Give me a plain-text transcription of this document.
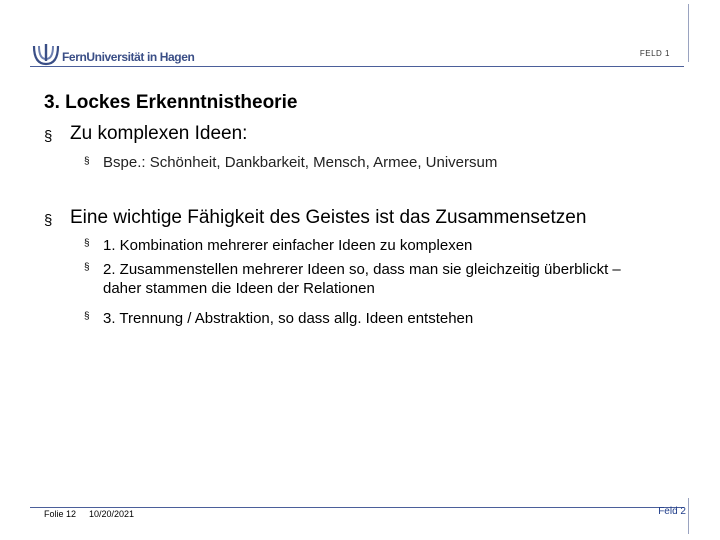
FernUniversität in Hagen	FELD 1
3. Lockes Erkenntnistheorie
§ Zu komplexen Ideen:
§ Bspe.: Schönheit, Dankbarkeit, Mensch, Armee, Universum
§ Eine wichtige Fähigkeit des Geistes ist das Zusammensetzen
§ 1. Kombination mehrerer einfacher Ideen zu komplexen
§ 2. Zusammenstellen mehrerer Ideen so, dass man sie gleichzeitig überblickt – daher stammen die Ideen der Relationen
§ 3. Trennung / Abstraktion, so dass allg. Ideen entstehen
Folie 12 10/20/2021	Feld 2
